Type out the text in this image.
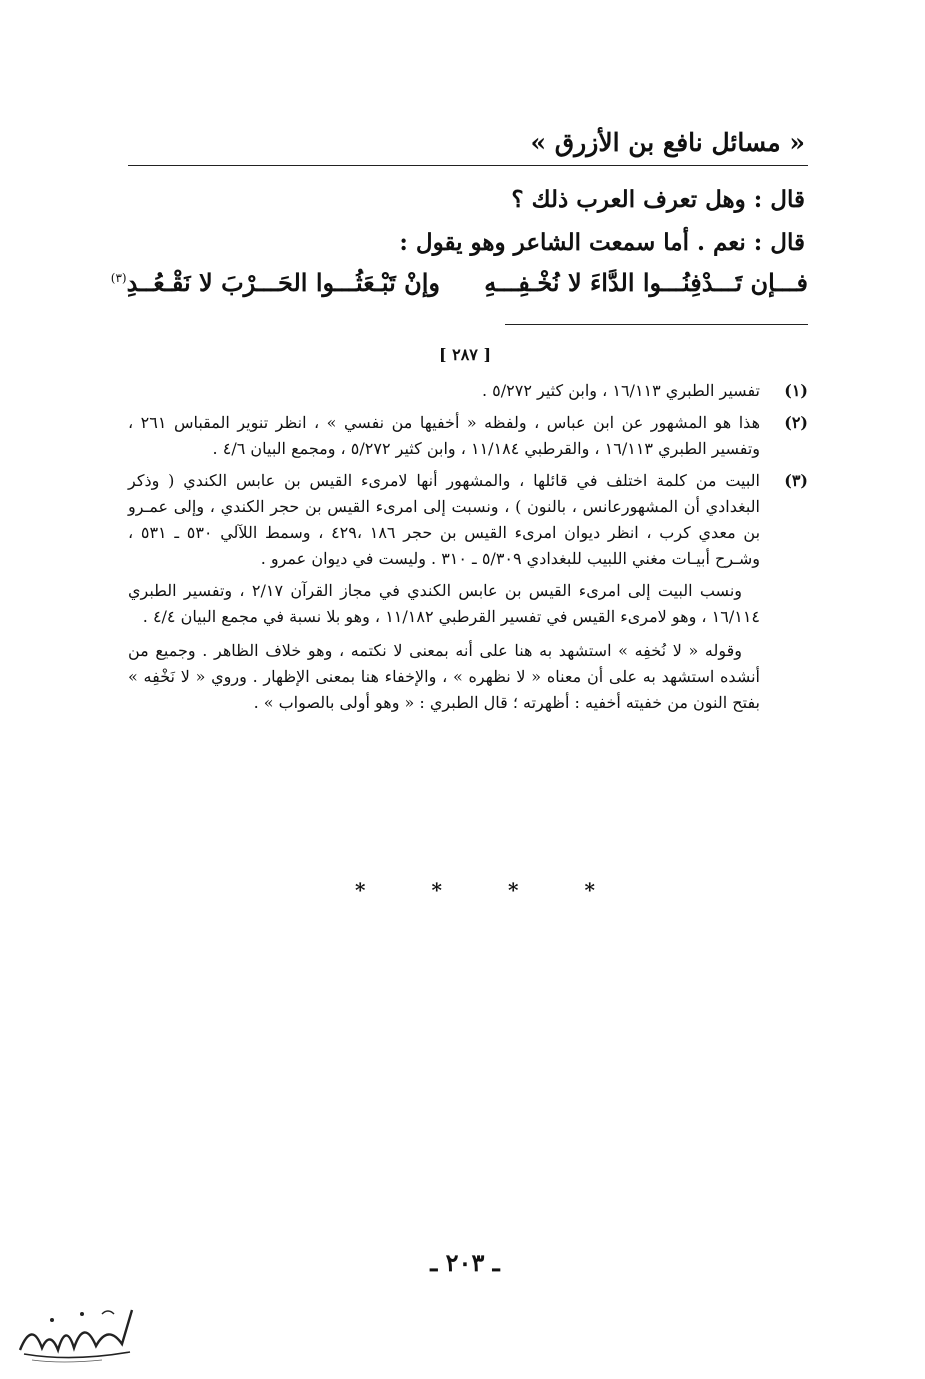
« مسائل نافع بن الأزرق »
قال : وهل تعرف العرب ذلك ؟
قال : نعم . أما سمعت الشاعر وهو يقول :
فـــإن تَـــدْفِنُـــوا الدَّاءَ لا نُخْـفِـــهِ
وإنْ تَبْـعَثُـــوا الحَـــرْبَ لا نَقْـعُــدِ$^{(٣)}$
[ ٢٨٧ ]
(١)
تفسير الطبري ١٦/١١٣ ، وابن كثير ٥/٢٧٢ .
(٢)
هذا هو المشهور عن ابن عباس ، ولفظه « أخفيها من نفسي » ، انظر تنوير المقباس ٢٦١ ، وتفسير الطبري ١٦/١١٣ ، والقرطبي ١١/١٨٤ ، وابن كثير ٥/٢٧٢ ، ومجمع البيان ٤/٦ .
(٣)
البيت من كلمة اختلف في قائلها ، والمشهور أنها لامرىء القيس بن عابس الكندي ( وذكر البغدادي أن المشهورعانس ، بالنون ) ، ونسبت إلى امرىء القيس بن حجر الكندي ، وإلى عمـرو بن معدي كرب ، انظر ديوان امرىء القيس بن حجر ١٨٦ ،٤٢٩ ، وسمط اللآلي ٥٣٠ ـ ٥٣١ ، وشـرح أبيـات مغني اللبيب للبغدادي ٥/٣٠٩ ـ ٣١٠ . وليست في ديوان عمرو .

ونسب البيت إلى امرىء القيس بن عابس الكندي في مجاز القرآن ٢/١٧ ، وتفسير الطبري ١٦/١١٤ ، وهو لامرىء القيس في تفسير القرطبي ١١/١٨٢ ، وهو بلا نسبة في مجمع البيان ٤/٤ .

وقوله « لا نُخفِه » استشهد به هنا على أنه بمعنى لا نكتمه ، وهو خلاف الظاهر . وجميع من أنشده استشهد به على أن معناه « لا نظهره » ، والإخفاء هنا بمعنى الإظهار . وروي « لا نَخْفِه » بفتح النون من خفيته أخفيه : أظهرته ؛ قال الطبري : « وهو أولى بالصواب » .

*
*
*
*
ـ ٢٠٣ ـ
